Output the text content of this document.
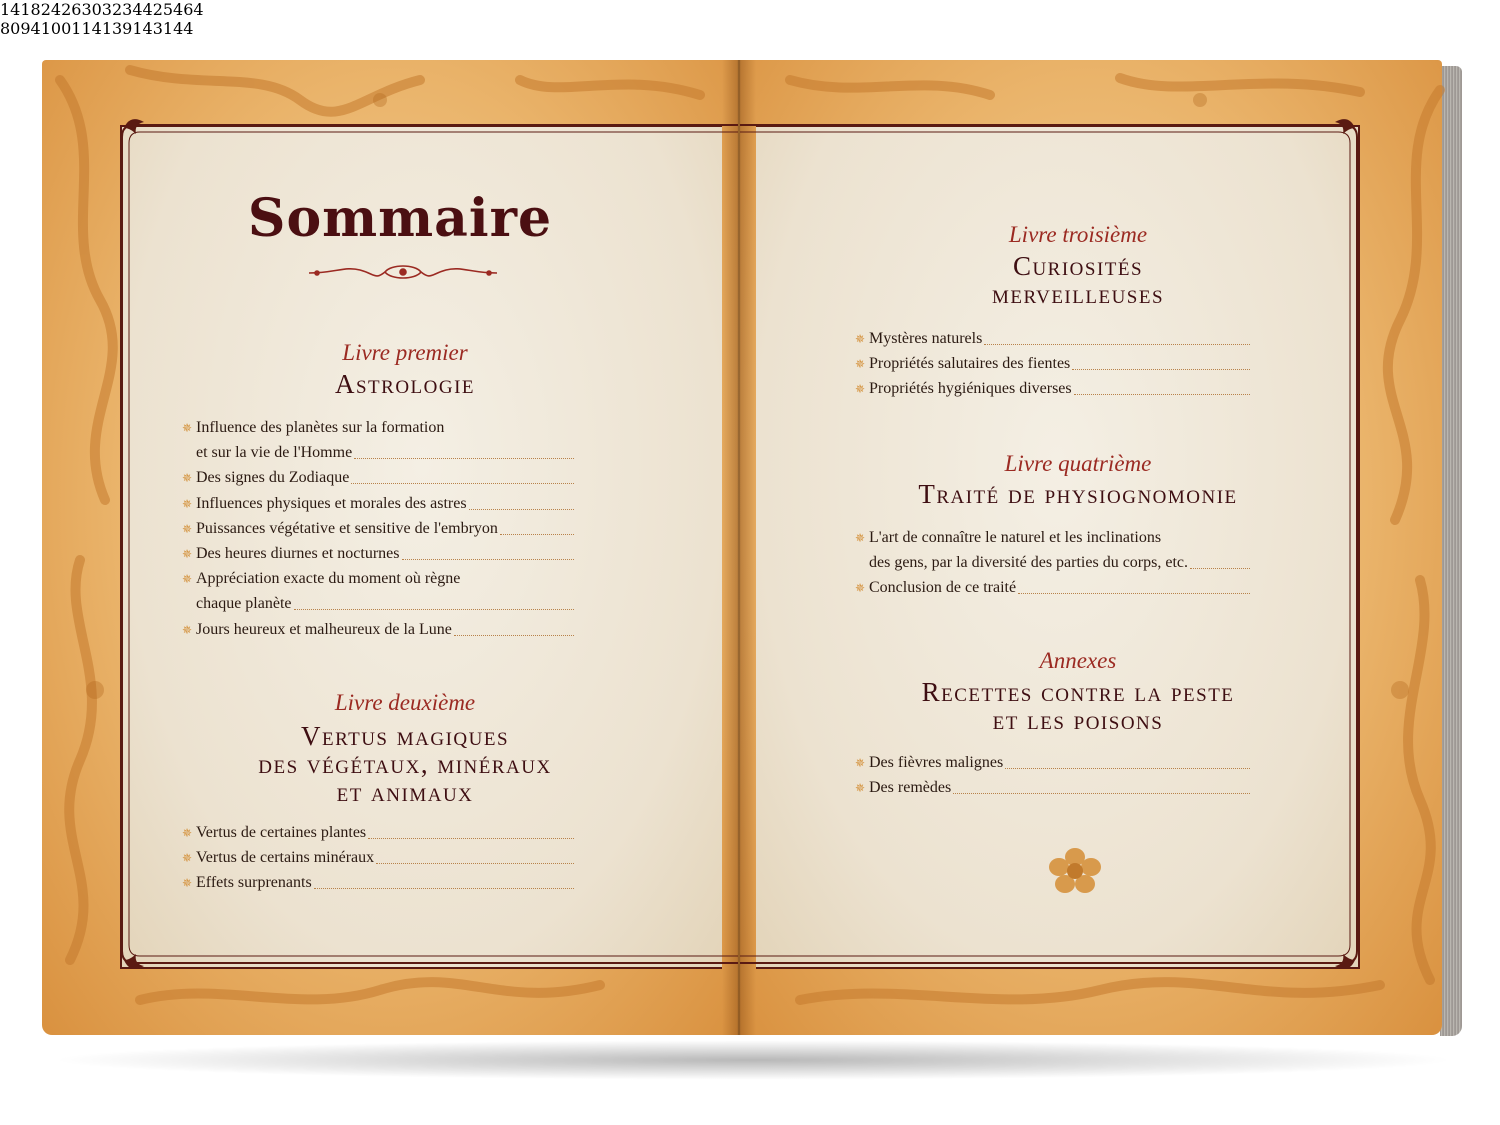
Sommaire
Livre premier
Astrologie
✵ Influence des planètes sur la formation
et sur la vie de l'Homme
14
✵ Des signes du Zodiaque
18
✵ Influences physiques et morales des astres
24
✵ Puissances végétative et sensitive de l'embryon
26
✵ Des heures diurnes et nocturnes
30
✵ Appréciation exacte du moment où règne
chaque planète
32
✵ Jours heureux et malheureux de la Lune
34
Livre deuxième
Vertus magiques
des végétaux, minéraux
et animaux
✵ Vertus de certaines plantes
42
✵ Vertus de certains minéraux
54
✵ Effets surprenants
64
Livre troisième
Curiosités
merveilleuses
✵ Mystères naturels
80
✵ Propriétés salutaires des fientes
94
✵ Propriétés hygiéniques diverses
100
Livre quatrième
Traité de physiognomonie
✵ L'art de connaître le naturel et les inclinations
des gens, par la diversité des parties du corps, etc.
114
✵ Conclusion de ce traité
139
Annexes
Recettes contre la peste
et les poisons
✵ Des fièvres malignes
143
✵ Des remèdes
144
